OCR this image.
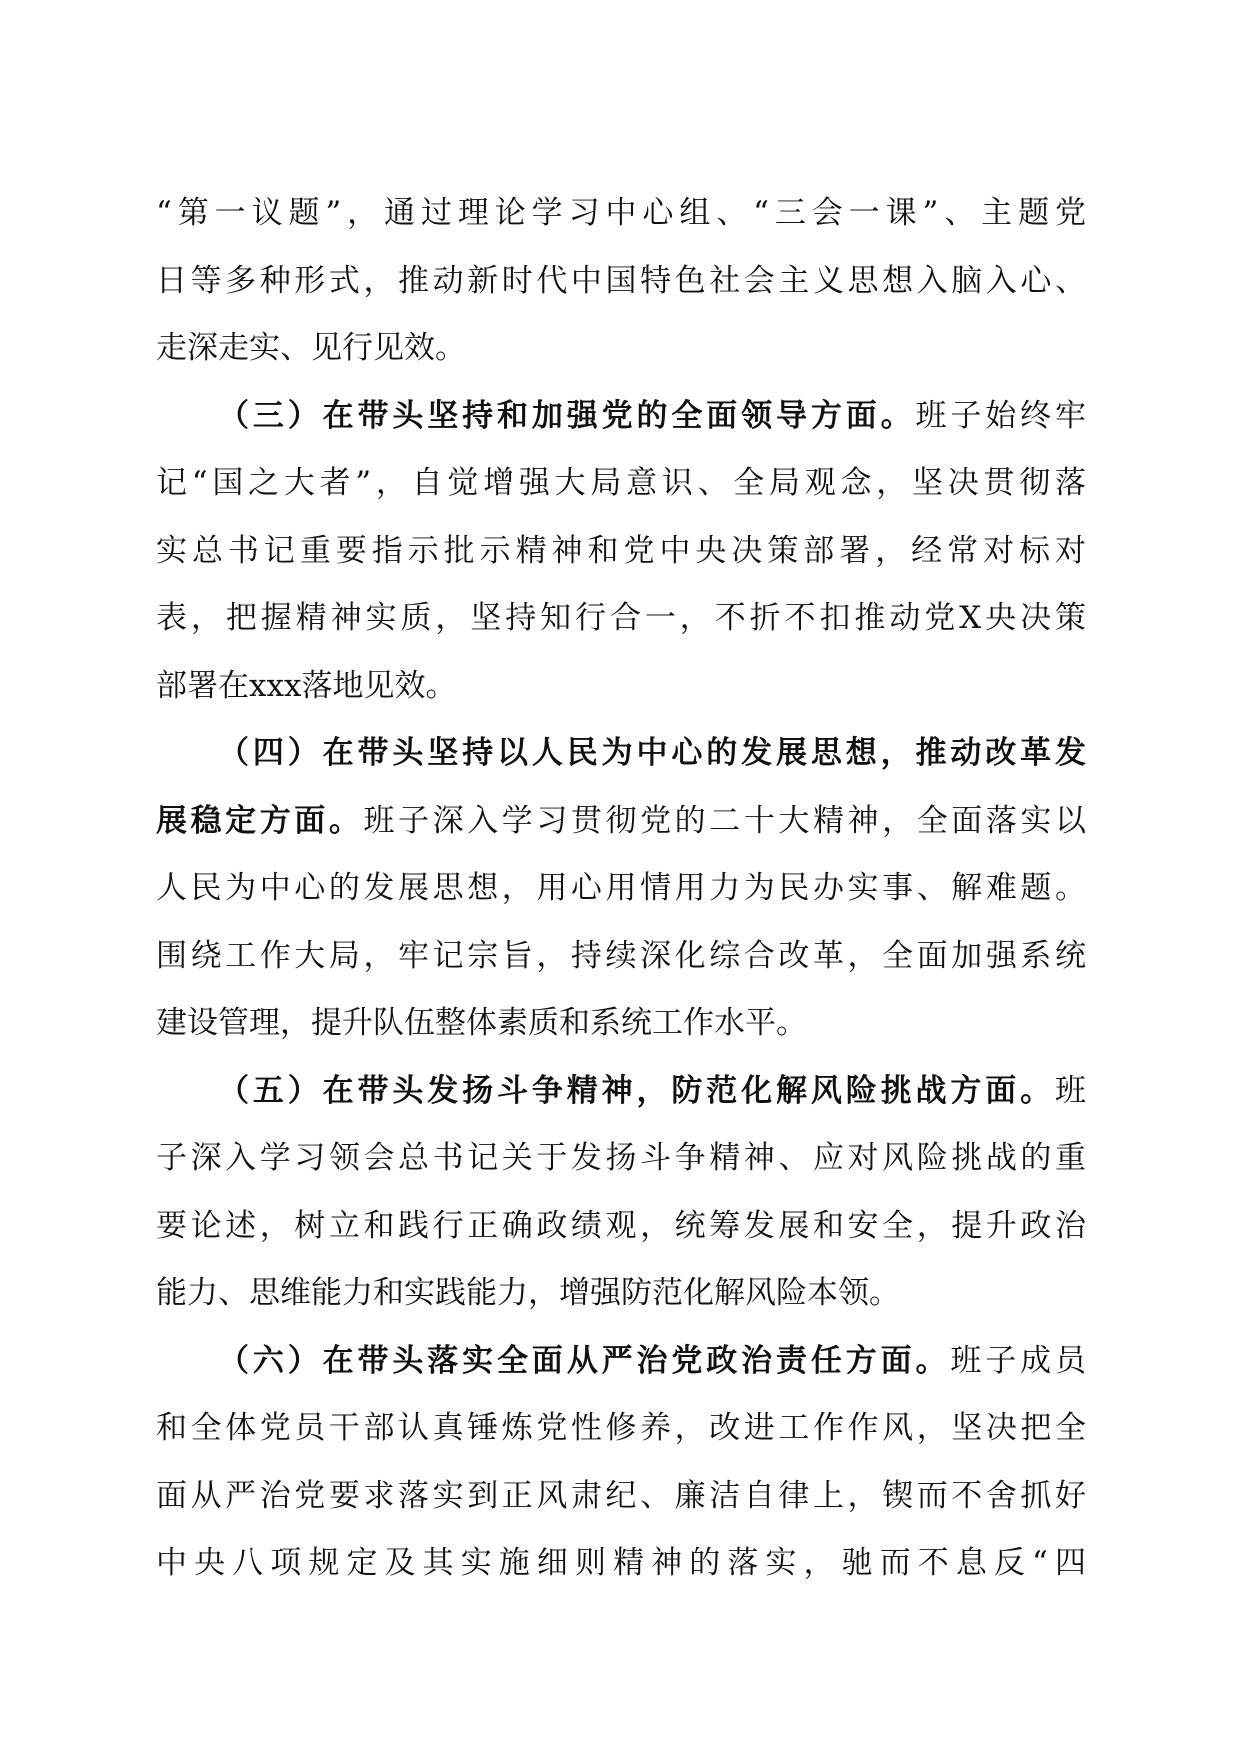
“第一议题”，通过理论学习中心组、“三会一课”、主题党
日等多种形式，推动新时代中国特色社会主义思想入脑入心、
走深走实、见行见效。
（三）在带头坚持和加强党的全面领导方面。班子始终牢
记“国之大者”，自觉增强大局意识、全局观念，坚决贯彻落
实总书记重要指示批示精神和党中央决策部署，经常对标对
表，把握精神实质，坚持知行合一，不折不扣推动党X央决策
部署在xxx落地见效。
（四）在带头坚持以人民为中心的发展思想，推动改革发
展稳定方面。班子深入学习贯彻党的二十大精神，全面落实以
人民为中心的发展思想，用心用情用力为民办实事、解难题。
围绕工作大局，牢记宗旨，持续深化综合改革，全面加强系统
建设管理，提升队伍整体素质和系统工作水平。
（五）在带头发扬斗争精神，防范化解风险挑战方面。班
子深入学习领会总书记关于发扬斗争精神、应对风险挑战的重
要论述，树立和践行正确政绩观，统筹发展和安全，提升政治
能力、思维能力和实践能力，增强防范化解风险本领。
（六）在带头落实全面从严治党政治责任方面。班子成员
和全体党员干部认真锤炼党性修养，改进工作作风，坚决把全
面从严治党要求落实到正风肃纪、廉洁自律上，锲而不舍抓好
中央八项规定及其实施细则精神的落实，驰而不息反“四
